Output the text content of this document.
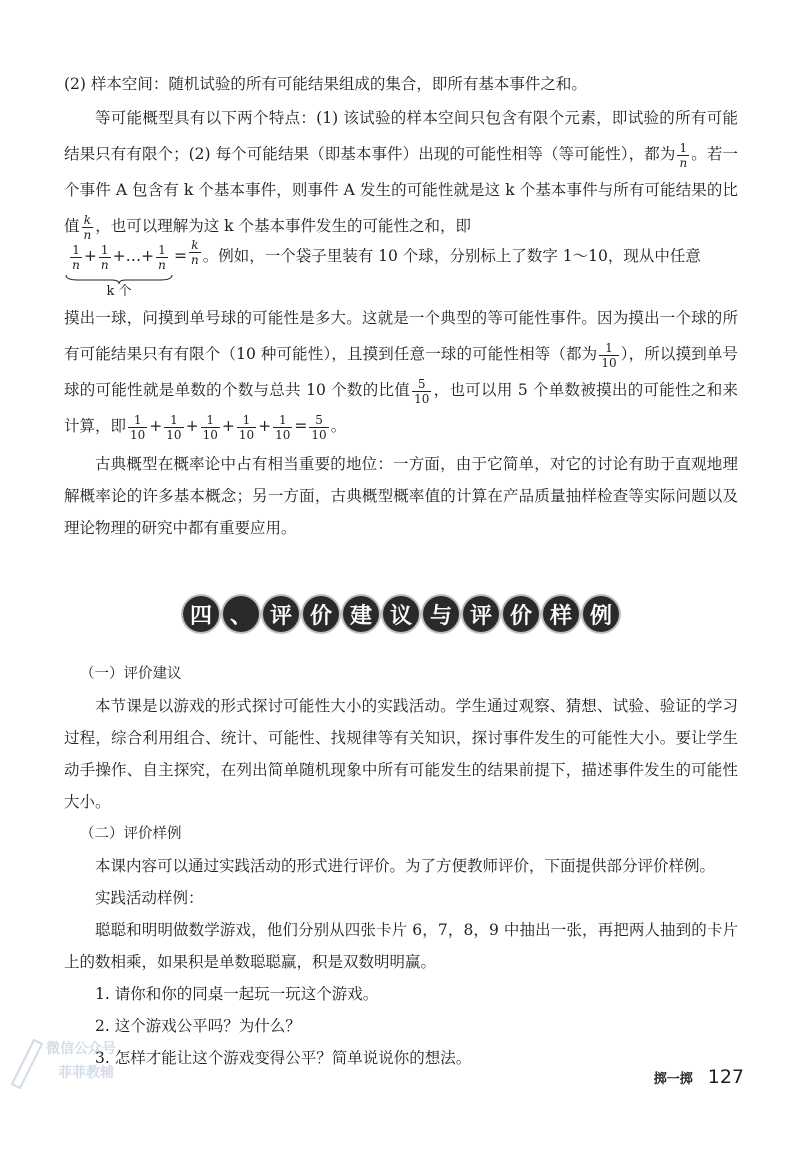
(2) 样本空间：随机试验的所有可能结果组成的集合，即所有基本事件之和。

等可能概型具有以下两个特点：(1) 该试验的样本空间只包含有限个元素，即试验的所有可能结果只有有限个；(2) 每个可能结果（即基本事件）出现的可能性相等（等可能性），都为 $\frac{1}{n}$ 。若一个事件 A 包含有 k 个基本事件，则事件 A 发生的可能性就是这 k 个基本事件与所有可能结果的比值 $\frac{k}{n}$ ，也可以理解为这 k 个基本事件发生的可能性之和，即

$\frac{1}{n} + \frac{1}{n}$ +…+ $\frac{1}{n}$
k 个
= $\frac{k}{n}$ 。例如，一个袋子里装有 10 个球，分别标上了数字 1～10，现从中任意

摸出一球，问摸到单号球的可能性是多大。这就是一个典型的等可能性事件。因为摸出一个球的所有可能结果只有有限个（10 种可能性），且摸到任意一球的可能性相等（都为 $\frac{1}{10}$ ），所以摸到单号球的可能性就是单数的个数与总共 10 个数的比值 $\frac{5}{10}$ ，也可以用 5 个单数被摸出的可能性之和来计算，即 $\frac{1}{10} + \frac{1}{10} + \frac{1}{10} + \frac{1}{10} + \frac{1}{10} = \frac{5}{10}$ 。

古典概型在概率论中占有相当重要的地位：一方面，由于它简单，对它的讨论有助于直观地理解概率论的许多基本概念；另一方面，古典概型概率值的计算在产品质量抽样检查等实际问题以及理论物理的研究中都有重要应用。

四 、 评 价 建 议 与 评 价 样 例
（一）评价建议

本节课是以游戏的形式探讨可能性大小的实践活动。学生通过观察、猜想、试验、验证的学习过程，综合利用组合、统计、可能性、找规律等有关知识，探讨事件发生的可能性大小。要让学生动手操作、自主探究，在列出简单随机现象中所有可能发生的结果前提下，描述事件发生的可能性大小。

（二）评价样例

本课内容可以通过实践活动的形式进行评价。为了方便教师评价，下面提供部分评价样例。

实践活动样例：

聪聪和明明做数学游戏，他们分别从四张卡片 6，7，8，9 中抽出一张，再把两人抽到的卡片上的数相乘，如果积是单数聪聪赢，积是双数明明赢。

1. 请你和你的同桌一起玩一玩这个游戏。

2. 这个游戏公平吗？为什么？

3. 怎样才能让这个游戏变得公平？简单说说你的想法。

微信公众号
菲菲教辅	掷一掷 127
